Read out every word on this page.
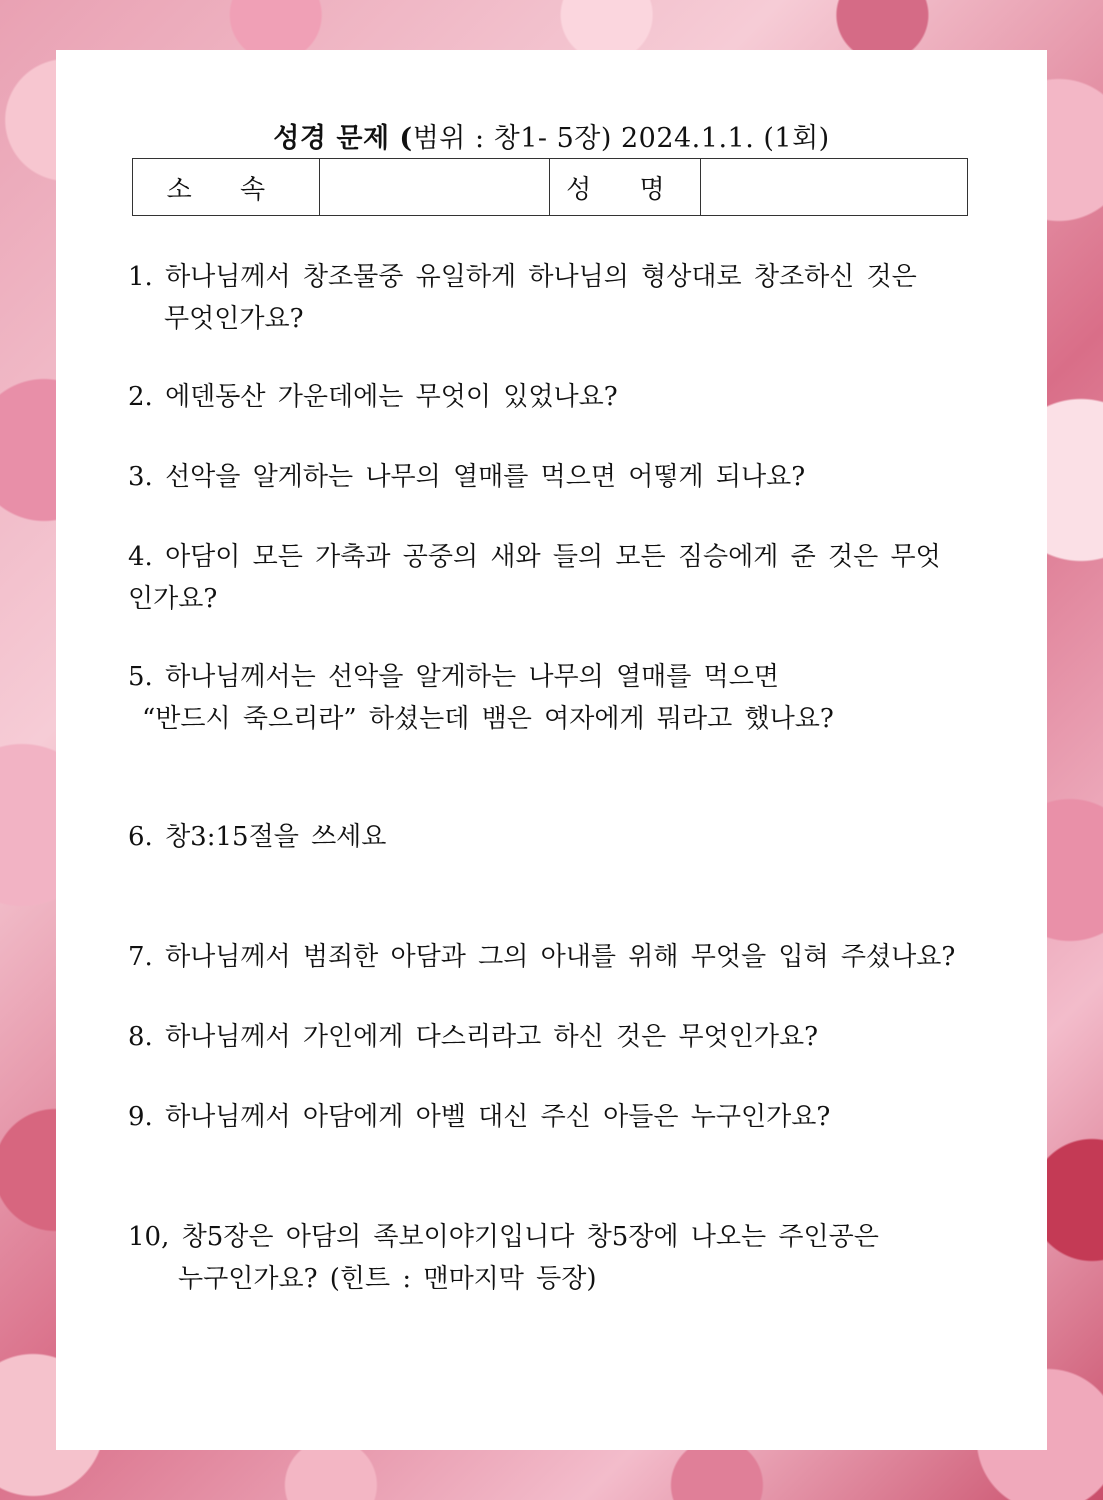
성경 문제 (범위 : 창1- 5장) 2024.1.1. (1회)
소 속		성 명	
1. 하나님께서 창조물중 유일하게 하나님의 형상대로 창조하신 것은
무엇인가요?
2. 에덴동산 가운데에는 무엇이 있었나요?
3. 선악을 알게하는 나무의 열매를 먹으면 어떻게 되나요?
4. 아담이 모든 가축과 공중의 새와 들의 모든 짐승에게 준 것은 무엇
인가요?
5. 하나님께서는 선악을 알게하는 나무의 열매를 먹으면
“반드시 죽으리라” 하셨는데 뱀은 여자에게 뭐라고 했나요?
6. 창3:15절을 쓰세요
7. 하나님께서 범죄한 아담과 그의 아내를 위해 무엇을 입혀 주셨나요?
8. 하나님께서 가인에게 다스리라고 하신 것은 무엇인가요?
9. 하나님께서 아담에게 아벨 대신 주신 아들은 누구인가요?
10, 창5장은 아담의 족보이야기입니다 창5장에 나오는 주인공은
누구인가요? (힌트 : 맨마지막 등장)
